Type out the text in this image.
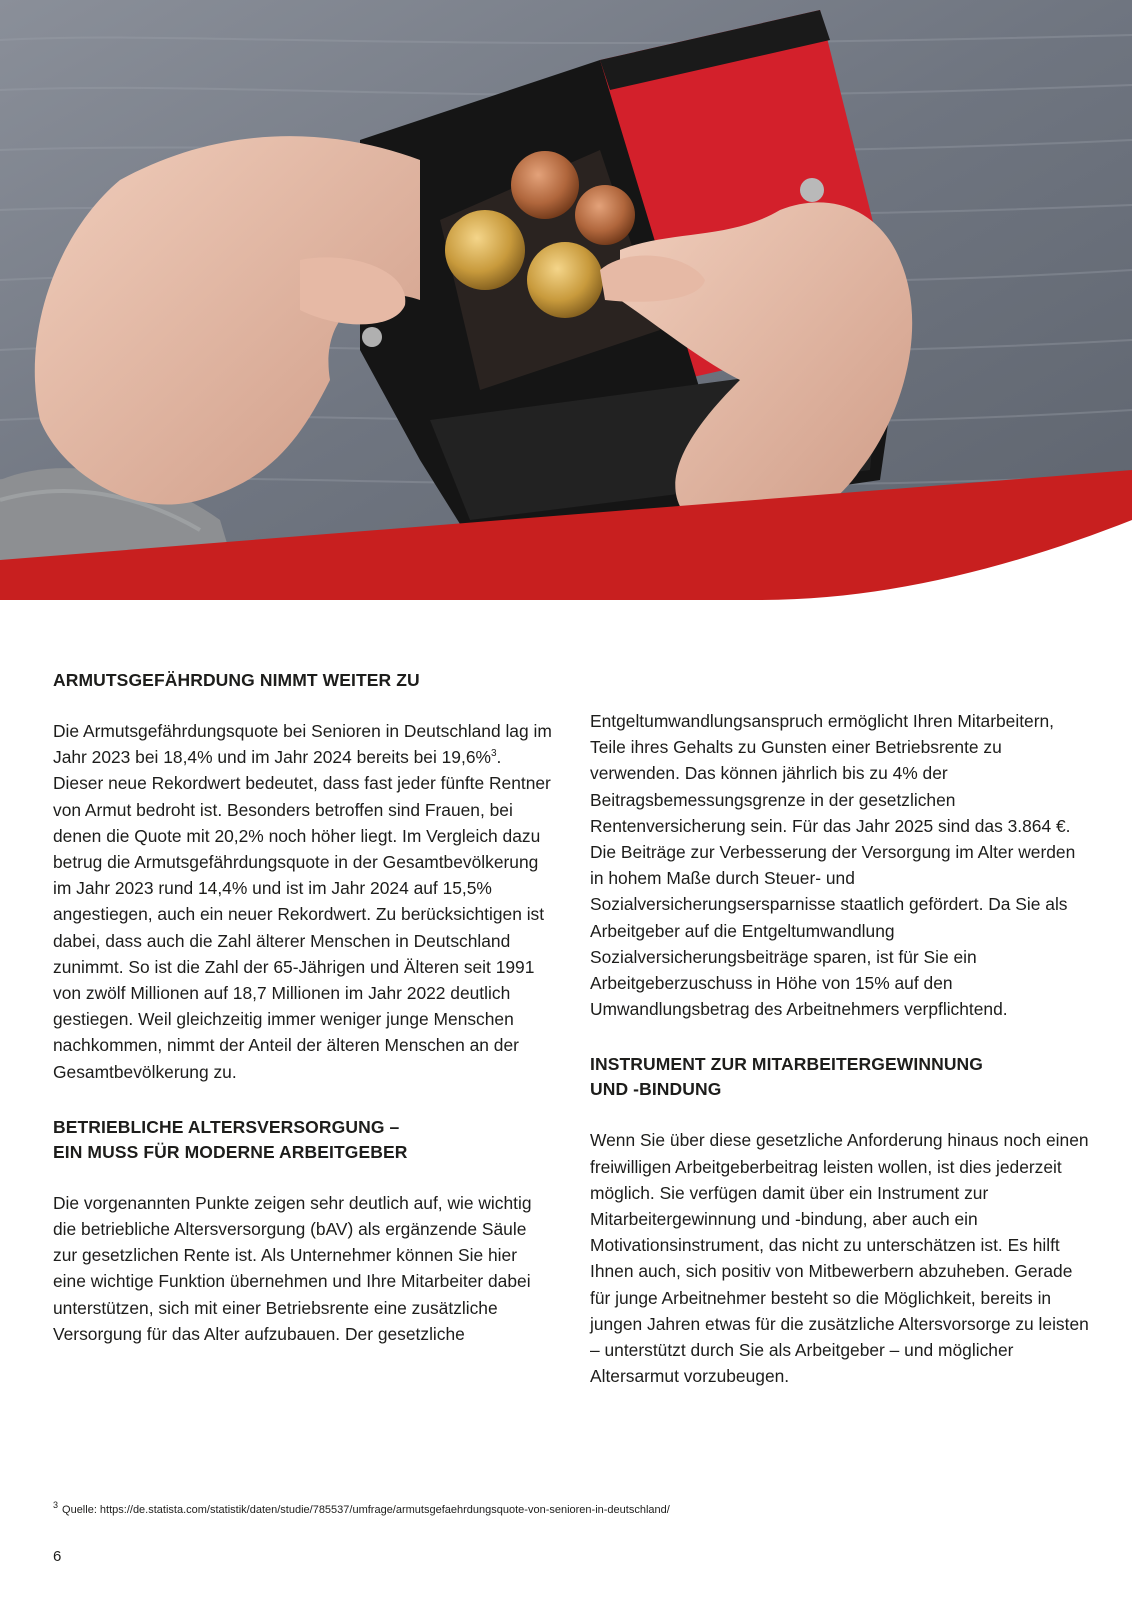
ARMUTSGEFÄHRDUNG NIMMT WEITER ZU

Die Armutsgefährdungsquote bei Senioren in Deutschland lag im Jahr 2023 bei 18,4% und im Jahr 2024 bereits bei 19,6%$^3$. Dieser neue Rekordwert bedeutet, dass fast jeder fünfte Rentner von Armut bedroht ist. Besonders betroffen sind Frauen, bei denen die Quote mit 20,2% noch höher liegt. Im Vergleich dazu betrug die Armutsgefährdungsquote in der Gesamtbevölkerung im Jahr 2023 rund 14,4% und ist im Jahr 2024 auf 15,5% angestiegen, auch ein neuer Rekordwert. Zu berücksichtigen ist dabei, dass auch die Zahl älterer Menschen in Deutschland zunimmt. So ist die Zahl der 65-Jährigen und Älteren seit 1991 von zwölf Millionen auf 18,7 Millionen im Jahr 2022 deutlich gestiegen. Weil gleichzeitig immer weniger junge Menschen nachkommen, nimmt der Anteil der älteren Menschen an der Gesamtbevölkerung zu.

BETRIEBLICHE ALTERSVERSORGUNG –
EIN MUSS FÜR MODERNE ARBEITGEBER

Die vorgenannten Punkte zeigen sehr deutlich auf, wie wichtig die betriebliche Altersversorgung (bAV) als ergänzende Säule zur gesetzlichen Rente ist. Als Unternehmer können Sie hier eine wichtige Funktion übernehmen und Ihre Mitarbeiter dabei unterstützen, sich mit einer Betriebsrente eine zusätzliche Versorgung für das Alter aufzubauen. Der gesetzliche

Entgeltumwandlungsanspruch ermöglicht Ihren Mitarbeitern, Teile ihres Gehalts zu Gunsten einer Betriebsrente zu verwenden. Das können jährlich bis zu 4% der Beitragsbemessungsgrenze in der gesetzlichen Rentenversicherung sein. Für das Jahr 2025 sind das 3.864 €. Die Beiträge zur Verbesserung der Versorgung im Alter werden in hohem Maße durch Steuer- und Sozialversicherungsersparnisse staatlich gefördert. Da Sie als Arbeitgeber auf die Entgeltumwandlung Sozialversicherungsbeiträge sparen, ist für Sie ein Arbeitgeberzuschuss in Höhe von 15% auf den Umwandlungsbetrag des Arbeitnehmers verpflichtend.

INSTRUMENT ZUR MITARBEITERGEWINNUNG
UND -BINDUNG

Wenn Sie über diese gesetzliche Anforderung hinaus noch einen freiwilligen Arbeitgeberbeitrag leisten wollen, ist dies jederzeit möglich. Sie verfügen damit über ein Instrument zur Mitarbeitergewinnung und -bindung, aber auch ein Motivationsinstrument, das nicht zu unterschätzen ist. Es hilft Ihnen auch, sich positiv von Mitbewerbern abzuheben. Gerade für junge Arbeitnehmer besteht so die Möglichkeit, bereits in jungen Jahren etwas für die zusätzliche Altersvorsorge zu leisten – unterstützt durch Sie als Arbeitgeber – und möglicher Altersarmut vorzubeugen.

$^3$ Quelle: https://de.statista.com/statistik/daten/studie/785537/umfrage/armutsgefaehrdungsquote-von-senioren-in-deutschland/
6
